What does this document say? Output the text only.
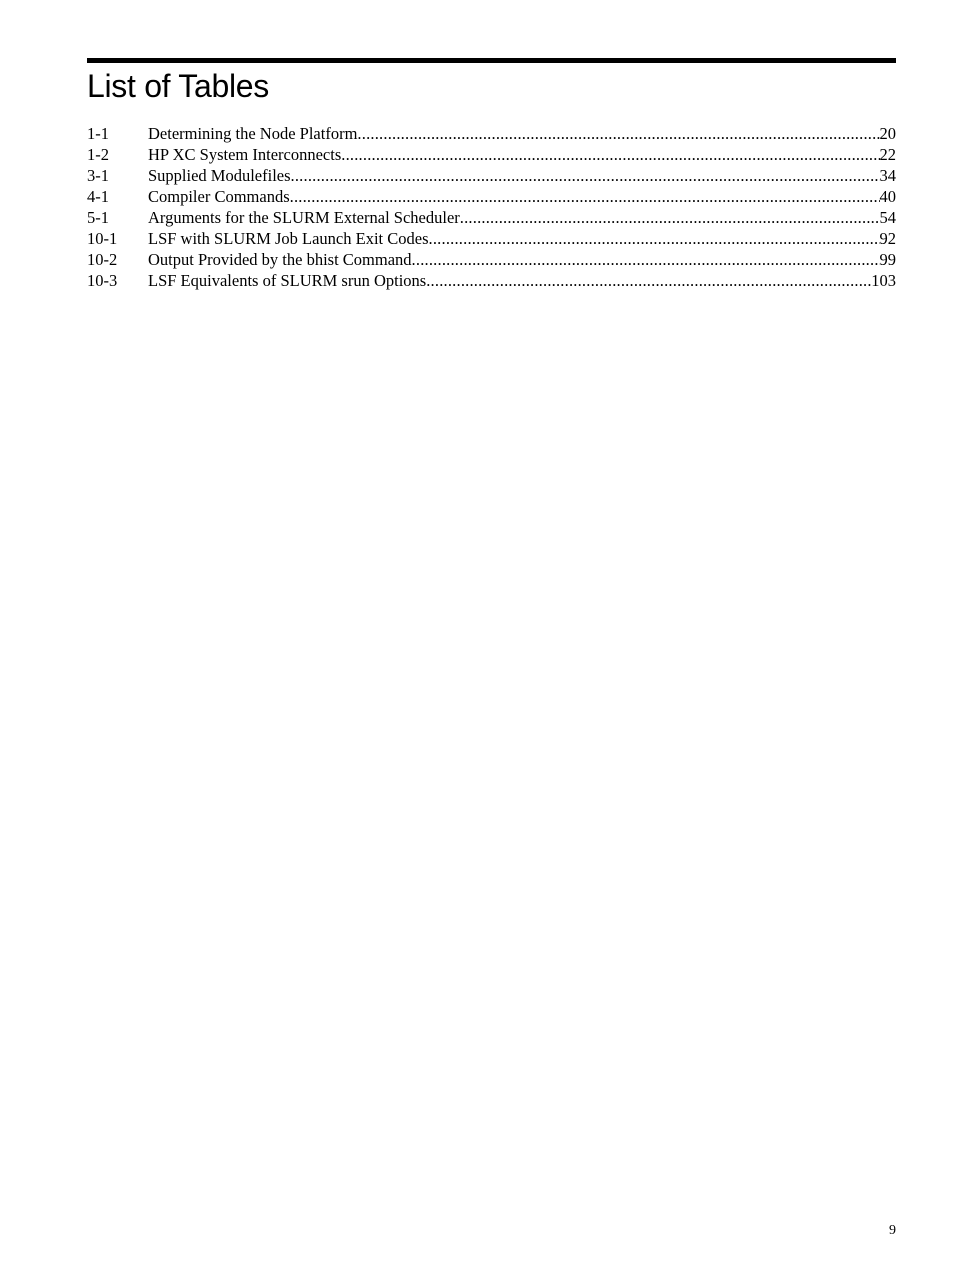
List of Tables
1-1	Determining the Node Platform .....	20
1-2	HP XC System Interconnects .....	22
3-1	Supplied Modulefiles .....	34
4-1	Compiler Commands .....	40
5-1	Arguments for the SLURM External Scheduler .....	54
10-1	LSF with SLURM Job Launch Exit Codes .....	92
10-2	Output Provided by the bhist Command .....	99
10-3	LSF Equivalents of SLURM srun Options .....	103
9
